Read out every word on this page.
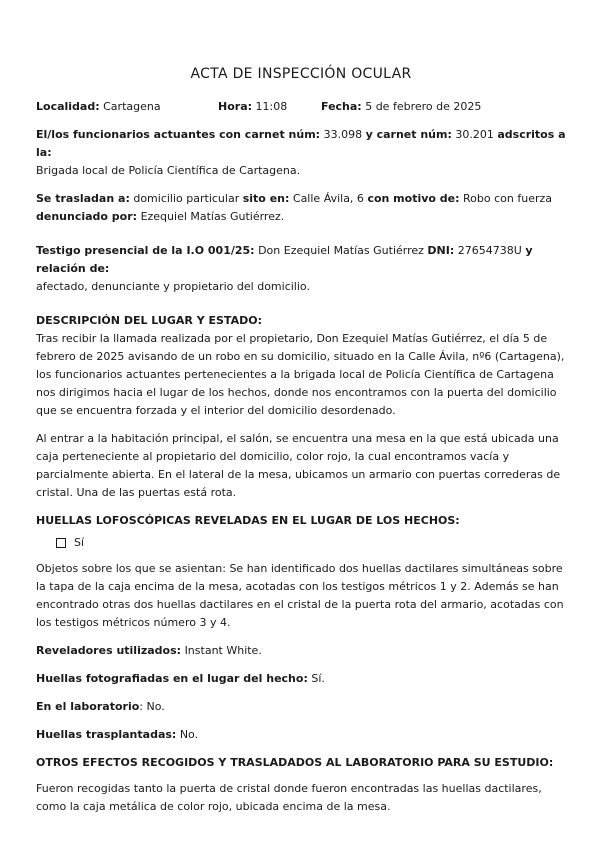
ACTA DE INSPECCIÓN OCULAR
Localidad: Cartagena	Hora: 11:08	Fecha: 5 de febrero de 2025

El/los funcionarios actuantes con carnet núm: 33.098 y carnet núm: 30.201 adscritos a la:
Brigada local de Policía Científica de Cartagena.

Se trasladan a: domicilio particular sito en: Calle Ávila, 6 con motivo de: Robo con fuerza
denunciado por: Ezequiel Matías Gutiérrez.

Testigo presencial de la I.O 001/25: Don Ezequiel Matías Gutiérrez DNI: 27654738U y relación de:
afectado, denunciante y propietario del domicilio.

DESCRIPCIÓN DEL LUGAR Y ESTADO:

Tras recibir la llamada realizada por el propietario, Don Ezequiel Matías Gutiérrez, el día 5 de febrero de 2025 avisando de un robo en su domicilio, situado en la Calle Ávila, nº6 (Cartagena), los funcionarios actuantes pertenecientes a la brigada local de Policía Científica de Cartagena nos dirigimos hacia el lugar de los hechos, donde nos encontramos con la puerta del domicilio que se encuentra forzada y el interior del domicilio desordenado.

Al entrar a la habitación principal, el salón, se encuentra una mesa en la que está ubicada una caja perteneciente al propietario del domicilio, color rojo, la cual encontramos vacía y parcialmente abierta. En el lateral de la mesa, ubicamos un armario con puertas correderas de cristal. Una de las puertas está rota.

HUELLAS LOFOSCÓPICAS REVELADAS EN EL LUGAR DE LOS HECHOS:

Sí

Objetos sobre los que se asientan: Se han identificado dos huellas dactilares simultáneas sobre la tapa de la caja encima de la mesa, acotadas con los testigos métricos 1 y 2. Además se han encontrado otras dos huellas dactilares en el cristal de la puerta rota del armario, acotadas con los testigos métricos número 3 y 4.

Reveladores utilizados: Instant White.

Huellas fotografiadas en el lugar del hecho: Sí.

En el laboratorio: No.

Huellas trasplantadas: No.

OTROS EFECTOS RECOGIDOS Y TRASLADADOS AL LABORATORIO PARA SU ESTUDIO:

Fueron recogidas tanto la puerta de cristal donde fueron encontradas las huellas dactilares, como la caja metálica de color rojo, ubicada encima de la mesa.
